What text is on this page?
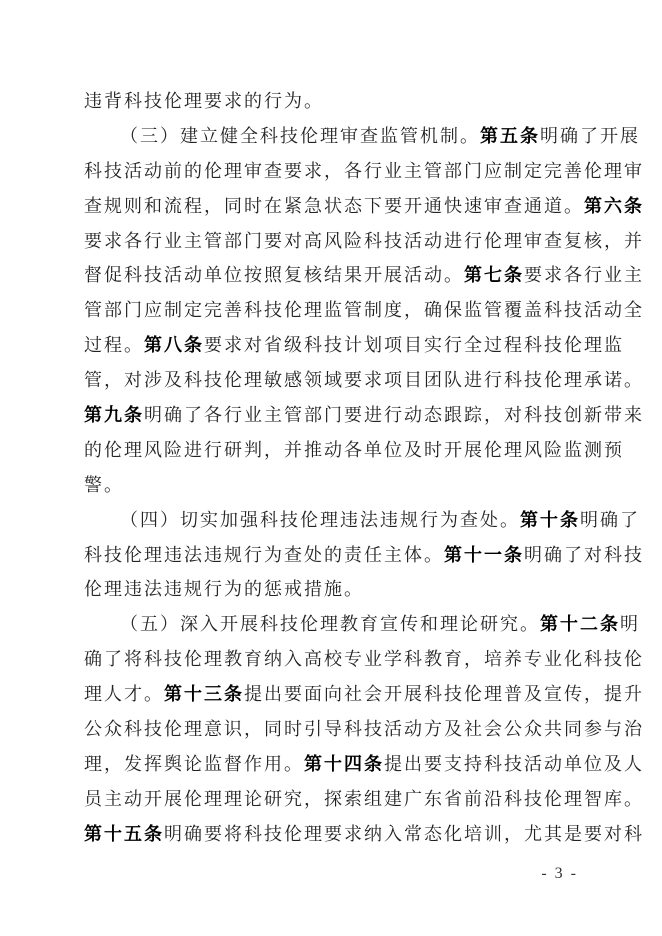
违背科技伦理要求的行为。
（三）建立健全科技伦理审查监管机制。第五条明确了开展
科技活动前的伦理审查要求，各行业主管部门应制定完善伦理审
查规则和流程，同时在紧急状态下要开通快速审查通道。第六条
要求各行业主管部门要对高风险科技活动进行伦理审查复核，并
督促科技活动单位按照复核结果开展活动。第七条要求各行业主
管部门应制定完善科技伦理监管制度，确保监管覆盖科技活动全
过程。第八条要求对省级科技计划项目实行全过程科技伦理监
管，对涉及科技伦理敏感领域要求项目团队进行科技伦理承诺。
第九条明确了各行业主管部门要进行动态跟踪，对科技创新带来
的伦理风险进行研判，并推动各单位及时开展伦理风险监测预
警。
（四）切实加强科技伦理违法违规行为查处。第十条明确了
科技伦理违法违规行为查处的责任主体。第十一条明确了对科技
伦理违法违规行为的惩戒措施。
（五）深入开展科技伦理教育宣传和理论研究。第十二条明
确了将科技伦理教育纳入高校专业学科教育，培养专业化科技伦
理人才。第十三条提出要面向社会开展科技伦理普及宣传，提升
公众科技伦理意识，同时引导科技活动方及社会公众共同参与治
理，发挥舆论监督作用。第十四条提出要支持科技活动单位及人
员主动开展伦理理论研究，探索组建广东省前沿科技伦理智库。
第十五条明确要将科技伦理要求纳入常态化培训，尤其是要对科
- 3 -
